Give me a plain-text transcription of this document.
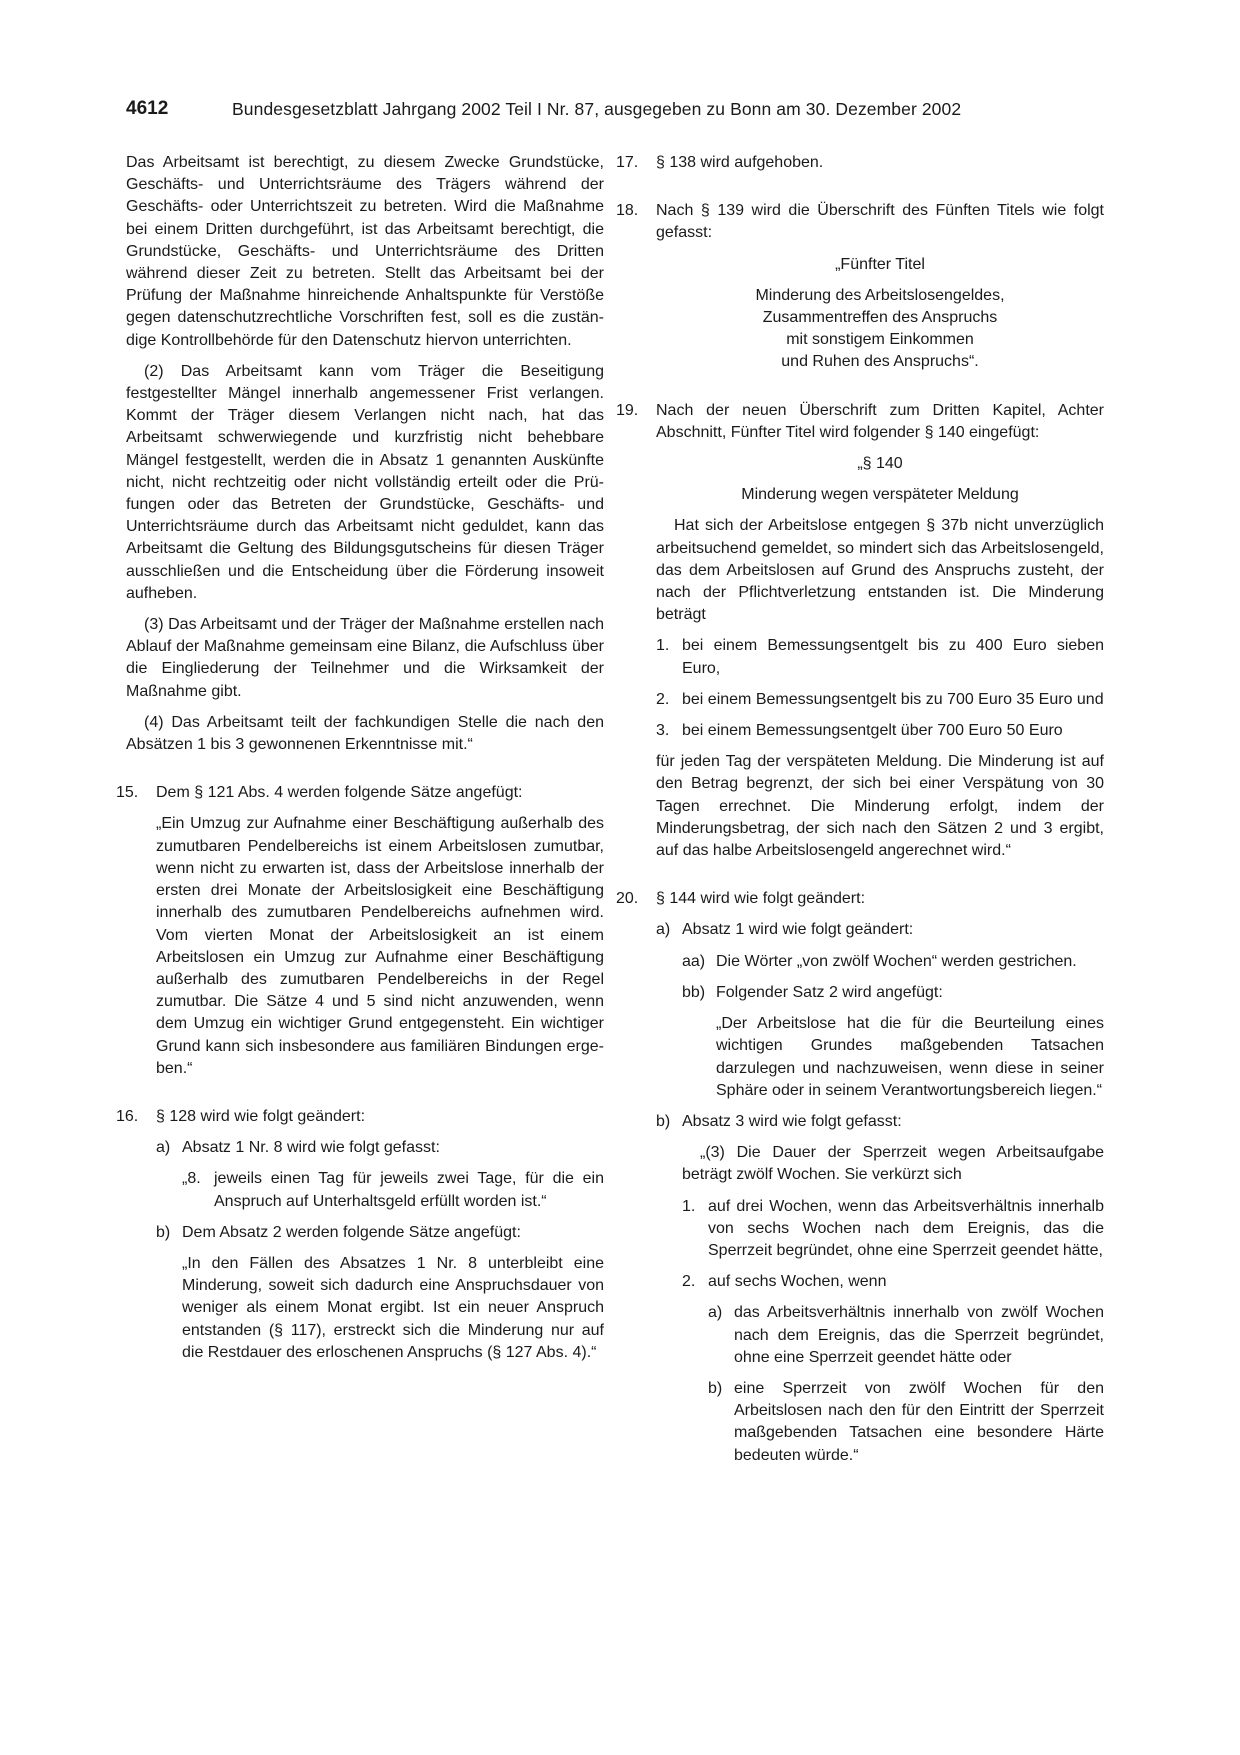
4612	Bundesgesetzblatt Jahrgang 2002 Teil I Nr. 87, ausgegeben zu Bonn am 30. Dezember 2002

Das Arbeitsamt ist berechtigt, zu diesem Zwecke Grundstücke, Geschäfts- und Unterrichtsräume des Trägers während der Geschäfts- oder Unterrichtszeit zu betreten. Wird die Maßnahme bei einem Dritten durchgeführt, ist das Arbeitsamt berechtigt, die Grundstücke, Geschäfts- und Unterrichtsräume des Dritten während dieser Zeit zu betreten. Stellt das Arbeitsamt bei der Prüfung der Maßnahme hinreichende Anhaltspunkte für Verstöße gegen datenschutzrechtliche Vorschriften fest, soll es die zuständige Kontrollbehörde für den Datenschutz hiervon unterrichten.

(2) Das Arbeitsamt kann vom Träger die Beseitigung festgestellter Mängel innerhalb angemessener Frist verlangen. Kommt der Träger diesem Verlangen nicht nach, hat das Arbeitsamt schwerwiegende und kurzfristig nicht behebbare Mängel festgestellt, werden die in Absatz 1 genannten Auskünfte nicht, nicht rechtzeitig oder nicht vollständig erteilt oder die Prüfungen oder das Betreten der Grundstücke, Geschäfts- und Unterrichtsräume durch das Arbeitsamt nicht geduldet, kann das Arbeitsamt die Geltung des Bildungsgutscheins für diesen Träger ausschließen und die Entscheidung über die Förderung insoweit aufheben.

(3) Das Arbeitsamt und der Träger der Maßnahme erstellen nach Ablauf der Maßnahme gemeinsam eine Bilanz, die Aufschluss über die Eingliederung der Teilnehmer und die Wirksamkeit der Maßnahme gibt.

(4) Das Arbeitsamt teilt der fachkundigen Stelle die nach den Absätzen 1 bis 3 gewonnenen Erkenntnisse mit.“

15.	Dem § 121 Abs. 4 werden folgende Sätze angefügt:

„Ein Umzug zur Aufnahme einer Beschäftigung außerhalb des zumutbaren Pendelbereichs ist einem Arbeitslosen zumutbar, wenn nicht zu erwarten ist, dass der Arbeitslose innerhalb der ersten drei Monate der Arbeitslosigkeit eine Beschäftigung innerhalb des zumutbaren Pendelbereichs aufnehmen wird. Vom vierten Monat der Arbeitslosigkeit an ist einem Arbeitslosen ein Umzug zur Aufnahme einer Beschäftigung außerhalb des zumutbaren Pendelbereichs in der Regel zumutbar. Die Sätze 4 und 5 sind nicht anzuwenden, wenn dem Umzug ein wichtiger Grund entgegensteht. Ein wichtiger Grund kann sich insbesondere aus familiären Bindungen ergeben.“

16.	§ 128 wird wie folgt geändert:

a) Absatz 1 Nr. 8 wird wie folgt gefasst:

„8. jeweils einen Tag für jeweils zwei Tage, für die ein Anspruch auf Unterhaltsgeld erfüllt worden ist.“

b) Dem Absatz 2 werden folgende Sätze angefügt:

„In den Fällen des Absatzes 1 Nr. 8 unterbleibt eine Minderung, soweit sich dadurch eine Anspruchsdauer von weniger als einem Monat ergibt. Ist ein neuer Anspruch entstanden (§ 117), erstreckt sich die Minderung nur auf die Restdauer des erloschenen Anspruchs (§ 127 Abs. 4).“

17.	§ 138 wird aufgehoben.

18.	Nach § 139 wird die Überschrift des Fünften Titels wie folgt gefasst:

„Fünfter Titel

Minderung des Arbeitslosengeldes,
Zusammentreffen des Anspruchs
mit sonstigem Einkommen
und Ruhen des Anspruchs“.
19.	Nach der neuen Überschrift zum Dritten Kapitel, Achter Abschnitt, Fünfter Titel wird folgender § 140 eingefügt:

„§ 140

Minderung wegen verspäteter Meldung

Hat sich der Arbeitslose entgegen § 37b nicht unverzüglich arbeitsuchend gemeldet, so mindert sich das Arbeitslosengeld, das dem Arbeitslosen auf Grund des Anspruchs zusteht, der nach der Pflichtverletzung entstanden ist. Die Minderung beträgt

1. bei einem Bemessungsentgelt bis zu 400 Euro sieben Euro,

2. bei einem Bemessungsentgelt bis zu 700 Euro 35 Euro und

3. bei einem Bemessungsentgelt über 700 Euro 50 Euro

für jeden Tag der verspäteten Meldung. Die Minderung ist auf den Betrag begrenzt, der sich bei einer Verspätung von 30 Tagen errechnet. Die Minderung erfolgt, indem der Minderungsbetrag, der sich nach den Sätzen 2 und 3 ergibt, auf das halbe Arbeitslosengeld angerechnet wird.“

20.	§ 144 wird wie folgt geändert:

a) Absatz 1 wird wie folgt geändert:

aa) Die Wörter „von zwölf Wochen“ werden gestrichen.

bb) Folgender Satz 2 wird angefügt:

„Der Arbeitslose hat die für die Beurteilung eines wichtigen Grundes maßgebenden Tatsachen darzulegen und nachzuweisen, wenn diese in seiner Sphäre oder in seinem Verantwortungsbereich liegen.“

b) Absatz 3 wird wie folgt gefasst:

„(3) Die Dauer der Sperrzeit wegen Arbeitsaufgabe beträgt zwölf Wochen. Sie verkürzt sich

1. auf drei Wochen, wenn das Arbeitsverhältnis innerhalb von sechs Wochen nach dem Ereignis, das die Sperrzeit begründet, ohne eine Sperrzeit geendet hätte,

2. auf sechs Wochen, wenn

a) das Arbeitsverhältnis innerhalb von zwölf Wochen nach dem Ereignis, das die Sperrzeit begründet, ohne eine Sperrzeit geendet hätte oder

b) eine Sperrzeit von zwölf Wochen für den Arbeitslosen nach den für den Eintritt der Sperrzeit maßgebenden Tatsachen eine besondere Härte bedeuten würde.“
